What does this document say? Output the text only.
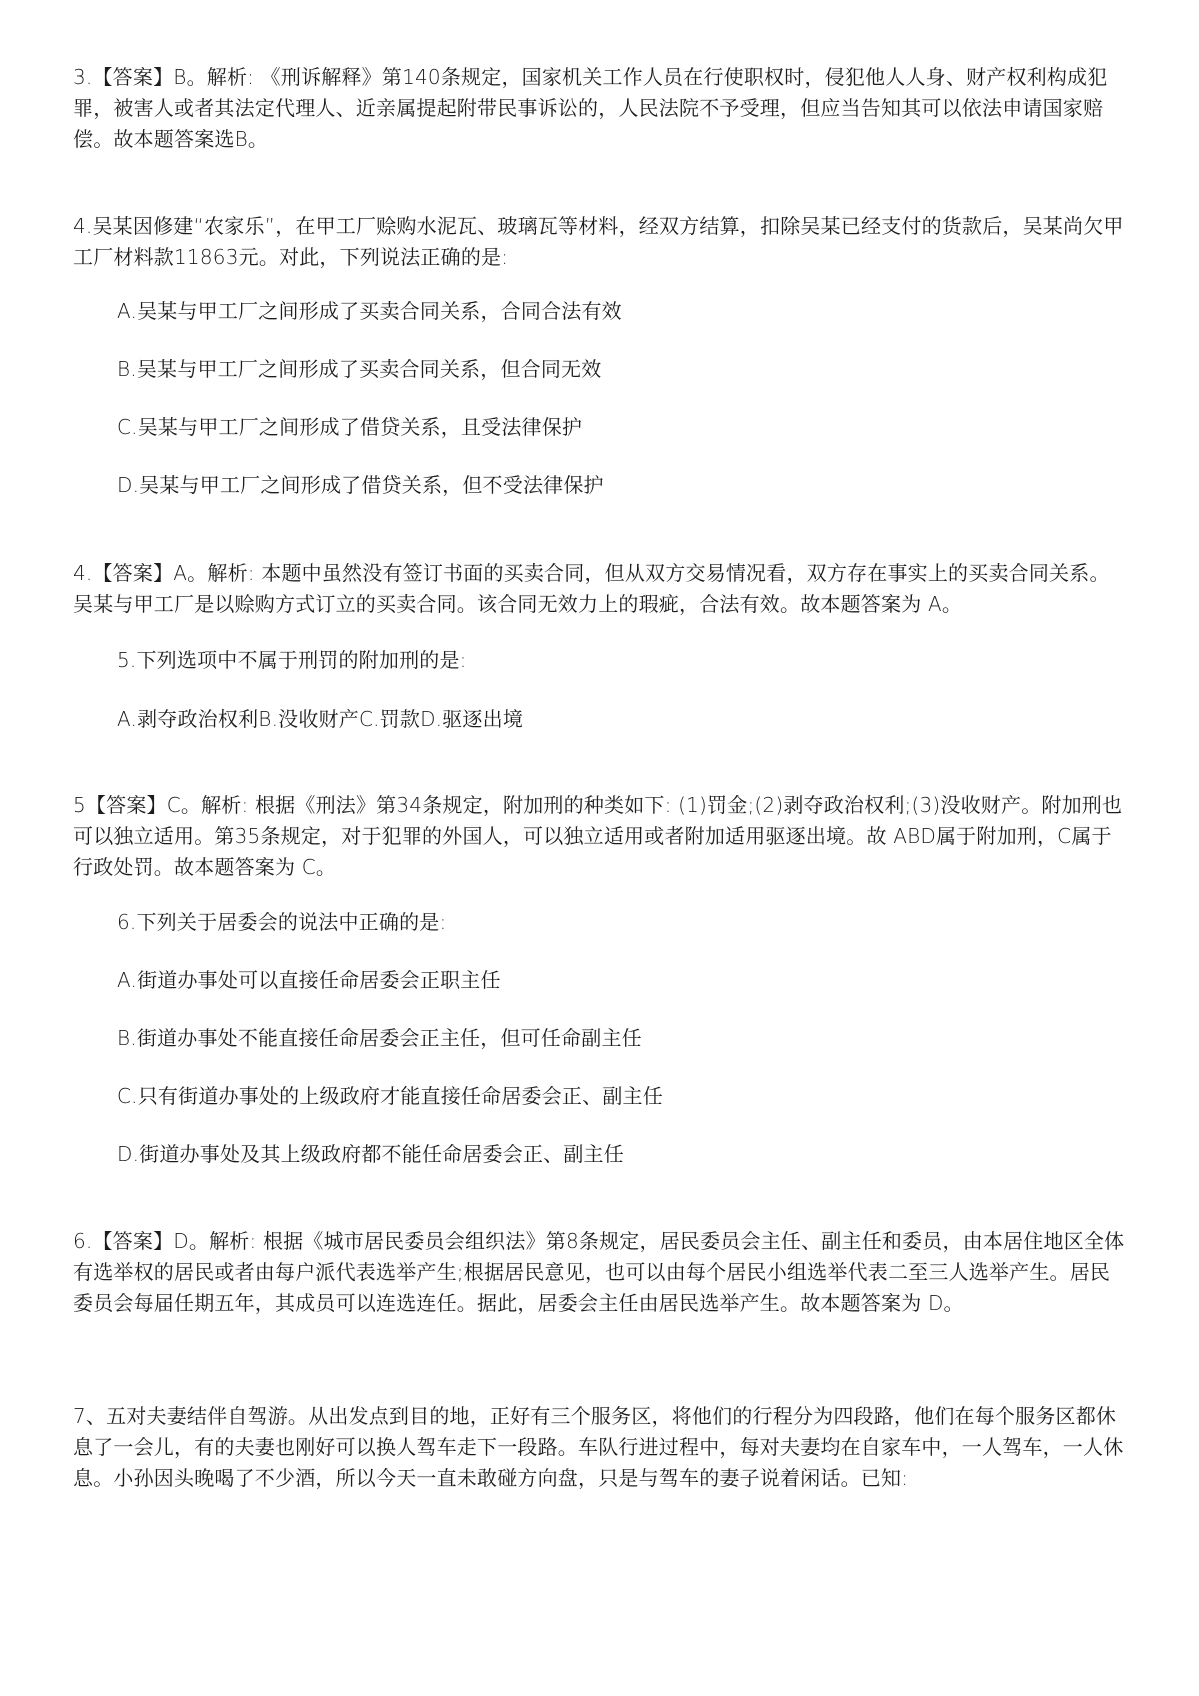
3.【答案】B。解析: 《刑诉解释》第140条规定，国家机关工作人员在行使职权时，侵犯他人人身、财产权利构成犯罪，被害人或者其法定代理人、近亲属提起附带民事诉讼的，人民法院不予受理，但应当告知其可以依法申请国家赔偿。故本题答案选B。
4.吴某因修建“农家乐”，在甲工厂赊购水泥瓦、玻璃瓦等材料，经双方结算，扣除吴某已经支付的货款后，吴某尚欠甲工厂材料款11863元。对此，下列说法正确的是:
A.吴某与甲工厂之间形成了买卖合同关系，合同合法有效
B.吴某与甲工厂之间形成了买卖合同关系，但合同无效
C.吴某与甲工厂之间形成了借贷关系，且受法律保护
D.吴某与甲工厂之间形成了借贷关系，但不受法律保护
4.【答案】A。解析: 本题中虽然没有签订书面的买卖合同，但从双方交易情况看，双方存在事实上的买卖合同关系。吴某与甲工厂是以赊购方式订立的买卖合同。该合同无效力上的瑕疵，合法有效。故本题答案为 A。
5.下列选项中不属于刑罚的附加刑的是:
A.剥夺政治权利B.没收财产C.罚款D.驱逐出境
5【答案】C。解析: 根据《刑法》第34条规定，附加刑的种类如下: (1)罚金;(2)剥夺政治权利;(3)没收财产。附加刑也可以独立适用。第35条规定，对于犯罪的外国人，可以独立适用或者附加适用驱逐出境。故 ABD属于附加刑，C属于行政处罚。故本题答案为 C。
6.下列关于居委会的说法中正确的是:
A.街道办事处可以直接任命居委会正职主任
B.街道办事处不能直接任命居委会正主任，但可任命副主任
C.只有街道办事处的上级政府才能直接任命居委会正、副主任
D.街道办事处及其上级政府都不能任命居委会正、副主任
6.【答案】D。解析: 根据《城市居民委员会组织法》第8条规定，居民委员会主任、副主任和委员，由本居住地区全体有选举权的居民或者由每户派代表选举产生;根据居民意见，也可以由每个居民小组选举代表二至三人选举产生。居民委员会每届任期五年，其成员可以连选连任。据此，居委会主任由居民选举产生。故本题答案为 D。
7、五对夫妻结伴自驾游。从出发点到目的地，正好有三个服务区，将他们的行程分为四段路，他们在每个服务区都休息了一会儿，有的夫妻也刚好可以换人驾车走下一段路。车队行进过程中，每对夫妻均在自家车中，一人驾车，一人休息。小孙因头晚喝了不少酒，所以今天一直未敢碰方向盘，只是与驾车的妻子说着闲话。已知:
